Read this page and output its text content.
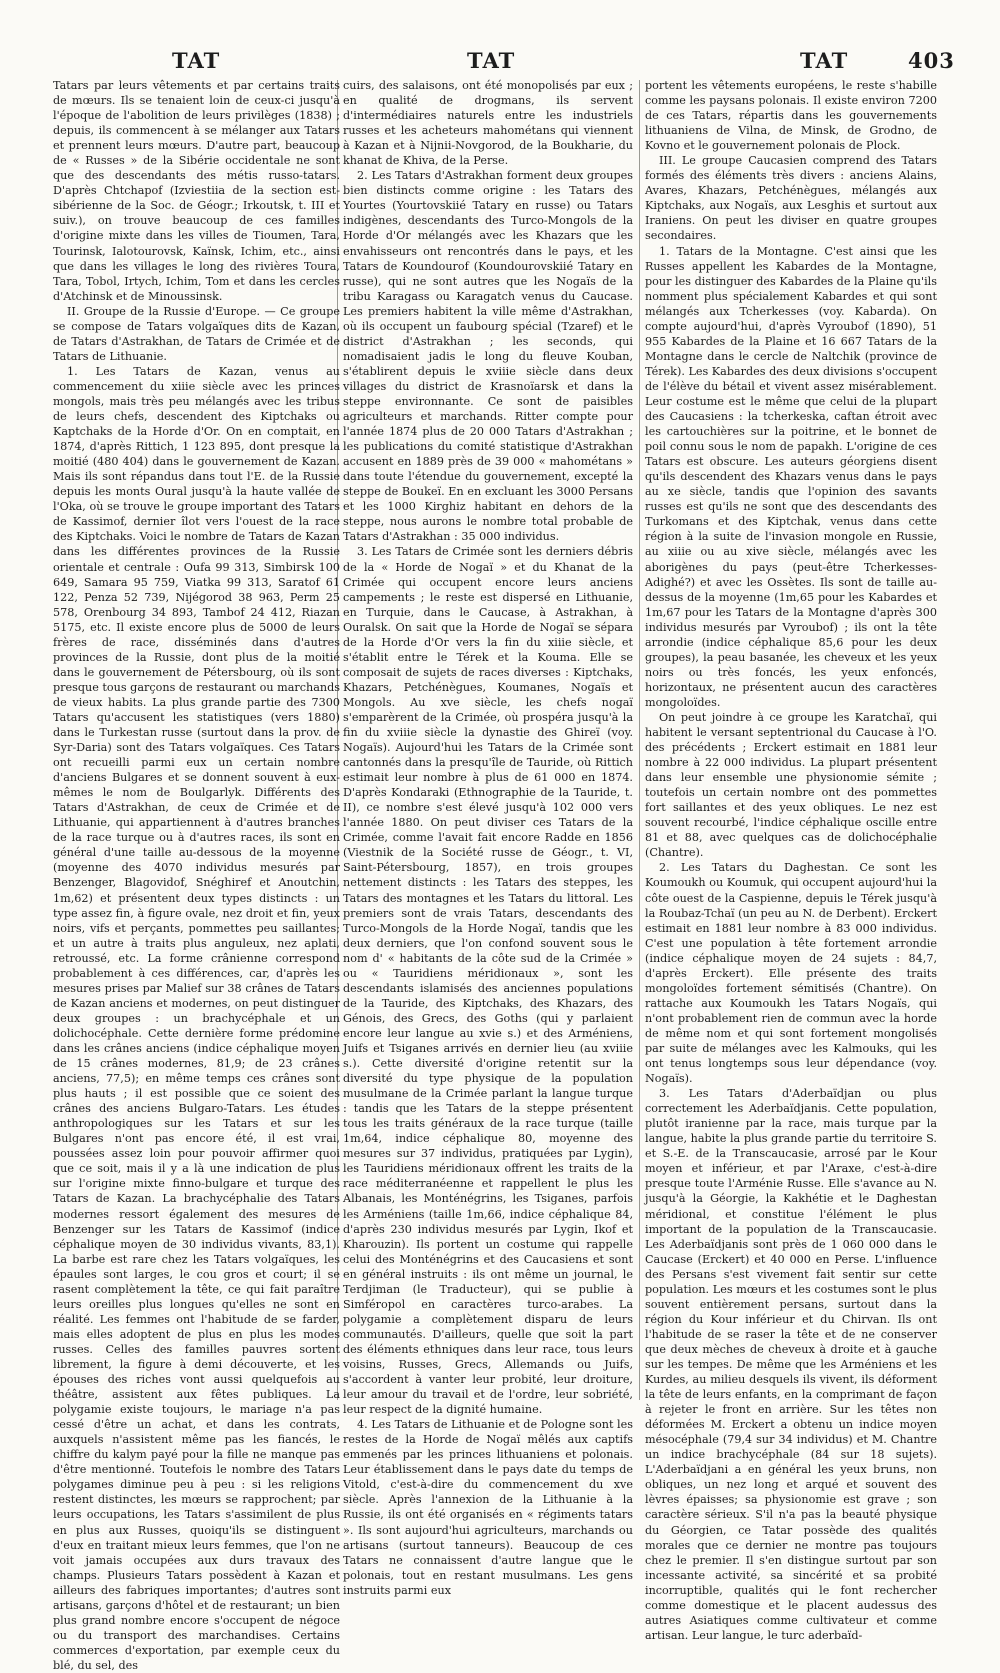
TAT	TAT	TAT	403

Tatars par leurs vêtements et par certains traits de mœurs. Ils se tenaient loin de ceux-ci jusqu'à l'époque de l'abolition de leurs privilèges (1838) ; depuis, ils commencent à se mélanger aux Tatars et prennent leurs mœurs. D'autre part, beaucoup de « Russes » de la Sibérie occidentale ne sont que des descendants des métis russo-tatars. D'après Chtchapof (Izviestiia de la section est-sibérienne de la Soc. de Géogr.; Irkoutsk, t. III et suiv.), on trouve beaucoup de ces familles d'origine mixte dans les villes de Tioumen, Tara, Tourinsk, Ialotourovsk, Kaïnsk, Ichim, etc., ainsi que dans les villages le long des rivières Toura, Tara, Tobol, Irtych, Ichim, Tom et dans les cercles d'Atchinsk et de Minoussinsk.

II. Groupe de la Russie d'Europe. — Ce groupe se compose de Tatars volgaïques dits de Kazan, de Tatars d'Astrakhan, de Tatars de Crimée et de Tatars de Lithuanie.

1. Les Tatars de Kazan, venus au commencement du xiiie siècle avec les princes mongols, mais très peu mélangés avec les tribus de leurs chefs, descendent des Kiptchaks ou Kaptchaks de la Horde d'Or. On en comptait, en 1874, d'après Rittich, 1 123 895, dont presque la moitié (480 404) dans le gouvernement de Kazan. Mais ils sont répandus dans tout l'E. de la Russie depuis les monts Oural jusqu'à la haute vallée de l'Oka, où se trouve le groupe important des Tatars de Kassimof, dernier îlot vers l'ouest de la race des Kiptchaks. Voici le nombre de Tatars de Kazan dans les différentes provinces de la Russie orientale et centrale : Oufa 99 313, Simbirsk 100 649, Samara 95 759, Viatka 99 313, Saratof 61 122, Penza 52 739, Nijégorod 38 963, Perm 25 578, Orenbourg 34 893, Tambof 24 412, Riazan 5175, etc. Il existe encore plus de 5000 de leurs frères de race, disséminés dans d'autres provinces de la Russie, dont plus de la moitié dans le gouvernement de Pétersbourg, où ils sont presque tous garçons de restaurant ou marchands de vieux habits. La plus grande partie des 7300 Tatars qu'accusent les statistiques (vers 1880) dans le Turkestan russe (surtout dans la prov. de Syr-Daria) sont des Tatars volgaïques. Ces Tatars ont recueilli parmi eux un certain nombre d'anciens Bulgares et se donnent souvent à eux-mêmes le nom de Boulgarlyk. Différents des Tatars d'Astrakhan, de ceux de Crimée et de Lithuanie, qui appartiennent à d'autres branches de la race turque ou à d'autres races, ils sont en général d'une taille au-dessous de la moyenne (moyenne des 4070 individus mesurés par Benzenger, Blagovidof, Snéghiref et Anoutchin, 1m,62) et présentent deux types distincts : un type assez fin, à figure ovale, nez droit et fin, yeux noirs, vifs et perçants, pommettes peu saillantes; et un autre à traits plus anguleux, nez aplati, retroussé, etc. La forme crânienne correspond probablement à ces différences, car, d'après les mesures prises par Malief sur 38 crânes de Tatars de Kazan anciens et modernes, on peut distinguer deux groupes : un brachycéphale et un dolichocéphale. Cette dernière forme prédomine dans les crânes anciens (indice céphalique moyen de 15 crânes modernes, 81,9; de 23 crânes anciens, 77,5); en même temps ces crânes sont plus hauts ; il est possible que ce soient des crânes des anciens Bulgaro-Tatars. Les études anthropologiques sur les Tatars et sur les Bulgares n'ont pas encore été, il est vrai, poussées assez loin pour pouvoir affirmer quoi que ce soit, mais il y a là une indication de plus sur l'origine mixte finno-bulgare et turque des Tatars de Kazan. La brachycéphalie des Tatars modernes ressort également des mesures de Benzenger sur les Tatars de Kassimof (indice céphalique moyen de 30 individus vivants, 83,1). La barbe est rare chez les Tatars volgaïques, les épaules sont larges, le cou gros et court; il se rasent complètement la tête, ce qui fait paraître leurs oreilles plus longues qu'elles ne sont en réalité. Les femmes ont l'habitude de se farder, mais elles adoptent de plus en plus les modes russes. Celles des familles pauvres sortent librement, la figure à demi découverte, et les épouses des riches vont aussi quelquefois au théâtre, assistent aux fêtes publiques. La polygamie existe toujours, le mariage n'a pas cessé d'être un achat, et dans les contrats, auxquels n'assistent même pas les fiancés, le chiffre du kalym payé pour la fille ne manque pas d'être mentionné. Toutefois le nombre des Tatars polygames diminue peu à peu : si les religions restent distinctes, les mœurs se rapprochent; par leurs occupations, les Tatars s'assimilent de plus en plus aux Russes, quoiqu'ils se distinguent d'eux en traitant mieux leurs femmes, que l'on ne voit jamais occupées aux durs travaux des champs. Plusieurs Tatars possèdent à Kazan et ailleurs des fabriques importantes; d'autres sont artisans, garçons d'hôtel et de restaurant; un bien plus grand nombre encore s'occupent de négoce ou du transport des marchandises. Certains commerces d'exportation, par exemple ceux du blé, du sel, des

cuirs, des salaisons, ont été monopolisés par eux ; en qualité de drogmans, ils servent d'intermédiaires naturels entre les industriels russes et les acheteurs mahométans qui viennent à Kazan et à Nijnii-Novgorod, de la Boukharie, du khanat de Khiva, de la Perse.

2. Les Tatars d'Astrakhan forment deux groupes bien distincts comme origine : les Tatars des Yourtes (Yourtovskiié Tatary en russe) ou Tatars indigènes, descendants des Turco-Mongols de la Horde d'Or mélangés avec les Khazars que les envahisseurs ont rencontrés dans le pays, et les Tatars de Koundourof (Koundourovskiié Tatary en russe), qui ne sont autres que les Nogaïs de la tribu Karagass ou Karagatch venus du Caucase. Les premiers habitent la ville même d'Astrakhan, où ils occupent un faubourg spécial (Tzaref) et le district d'Astrakhan ; les seconds, qui nomadisaient jadis le long du fleuve Kouban, s'établirent depuis le xviiie siècle dans deux villages du district de Krasnoïarsk et dans la steppe environnante. Ce sont de paisibles agriculteurs et marchands. Ritter compte pour l'année 1874 plus de 20 000 Tatars d'Astrakhan ; les publications du comité statistique d'Astrakhan accusent en 1889 près de 39 000 « mahométans » dans toute l'étendue du gouvernement, excepté la steppe de Boukeï. En en excluant les 3000 Persans et les 1000 Kirghiz habitant en dehors de la steppe, nous aurons le nombre total probable de Tatars d'Astrakhan : 35 000 individus.

3. Les Tatars de Crimée sont les derniers débris de la « Horde de Nogaï » et du Khanat de la Crimée qui occupent encore leurs anciens campements ; le reste est dispersé en Lithuanie, en Turquie, dans le Caucase, à Astrakhan, à Ouralsk. On sait que la Horde de Nogaï se sépara de la Horde d'Or vers la fin du xiiie siècle, et s'établit entre le Térek et la Kouma. Elle se composait de sujets de races diverses : Kiptchaks, Khazars, Petchénègues, Koumanes, Nogaïs et Mongols. Au xve siècle, les chefs nogaï s'emparèrent de la Crimée, où prospéra jusqu'à la fin du xviiie siècle la dynastie des Ghireï (voy. Nogaïs). Aujourd'hui les Tatars de la Crimée sont cantonnés dans la presqu'île de Tauride, où Rittich estimait leur nombre à plus de 61 000 en 1874. D'après Kondaraki (Ethnographie de la Tauride, t. II), ce nombre s'est élevé jusqu'à 102 000 vers l'année 1880. On peut diviser ces Tatars de la Crimée, comme l'avait fait encore Radde en 1856 (Viestnik de la Société russe de Géogr., t. VI, Saint-Pétersbourg, 1857), en trois groupes nettement distincts : les Tatars des steppes, les Tatars des montagnes et les Tatars du littoral. Les premiers sont de vrais Tatars, descendants des Turco-Mongols de la Horde Nogaï, tandis que les deux derniers, que l'on confond souvent sous le nom d' « habitants de la côte sud de la Crimée » ou « Tauridiens méridionaux », sont les descendants islamisés des anciennes populations de la Tauride, des Kiptchaks, des Khazars, des Génois, des Grecs, des Goths (qui y parlaient encore leur langue au xvie s.) et des Arméniens, Juifs et Tsiganes arrivés en dernier lieu (au xviiie s.). Cette diversité d'origine retentit sur la diversité du type physique de la population musulmane de la Crimée parlant la langue turque : tandis que les Tatars de la steppe présentent tous les traits généraux de la race turque (taille 1m,64, indice céphalique 80, moyenne des mesures sur 37 individus, pratiquées par Lygin), les Tauridiens méridionaux offrent les traits de la race méditerranéenne et rappellent le plus les Albanais, les Monténégrins, les Tsiganes, parfois les Arméniens (taille 1m,66, indice céphalique 84, d'après 230 individus mesurés par Lygin, Ikof et Kharouzin). Ils portent un costume qui rappelle celui des Monténégrins et des Caucasiens et sont en général instruits : ils ont même un journal, le Terdjiman (le Traducteur), qui se publie à Simféropol en caractères turco-arabes. La polygamie a complètement disparu de leurs communautés. D'ailleurs, quelle que soit la part des éléments ethniques dans leur race, tous leurs voisins, Russes, Grecs, Allemands ou Juifs, s'accordent à vanter leur probité, leur droiture, leur amour du travail et de l'ordre, leur sobriété, leur respect de la dignité humaine.

4. Les Tatars de Lithuanie et de Pologne sont les restes de la Horde de Nogaï mêlés aux captifs emmenés par les princes lithuaniens et polonais. Leur établissement dans le pays date du temps de Vitold, c'est-à-dire du commencement du xve siècle. Après l'annexion de la Lithuanie à la Russie, ils ont été organisés en « régiments tatars ». Ils sont aujourd'hui agriculteurs, marchands ou artisans (surtout tanneurs). Beaucoup de ces Tatars ne connaissent d'autre langue que le polonais, tout en restant musulmans. Les gens instruits parmi eux

portent les vêtements européens, le reste s'habille comme les paysans polonais. Il existe environ 7200 de ces Tatars, répartis dans les gouvernements lithuaniens de Vilna, de Minsk, de Grodno, de Kovno et le gouvernement polonais de Plock.

III. Le groupe Caucasien comprend des Tatars formés des éléments très divers : anciens Alains, Avares, Khazars, Petchénègues, mélangés aux Kiptchaks, aux Nogaïs, aux Lesghis et surtout aux Iraniens. On peut les diviser en quatre groupes secondaires.

1. Tatars de la Montagne. C'est ainsi que les Russes appellent les Kabardes de la Montagne, pour les distinguer des Kabardes de la Plaine qu'ils nomment plus spécialement Kabardes et qui sont mélangés aux Tcherkesses (voy. Kabarda). On compte aujourd'hui, d'après Vyroubof (1890), 51 955 Kabardes de la Plaine et 16 667 Tatars de la Montagne dans le cercle de Naltchik (province de Térek). Les Kabardes des deux divisions s'occupent de l'élève du bétail et vivent assez misérablement. Leur costume est le même que celui de la plupart des Caucasiens : la tcherkeska, caftan étroit avec les cartouchières sur la poitrine, et le bonnet de poil connu sous le nom de papakh. L'origine de ces Tatars est obscure. Les auteurs géorgiens disent qu'ils descendent des Khazars venus dans le pays au xe siècle, tandis que l'opinion des savants russes est qu'ils ne sont que des descendants des Turkomans et des Kiptchak, venus dans cette région à la suite de l'invasion mongole en Russie, au xiiie ou au xive siècle, mélangés avec les aborigènes du pays (peut-être Tcherkesses-Adighé?) et avec les Ossètes. Ils sont de taille au-dessus de la moyenne (1m,65 pour les Kabardes et 1m,67 pour les Tatars de la Montagne d'après 300 individus mesurés par Vyroubof) ; ils ont la tête arrondie (indice céphalique 85,6 pour les deux groupes), la peau basanée, les cheveux et les yeux noirs ou très foncés, les yeux enfoncés, horizontaux, ne présentent aucun des caractères mongoloïdes.

On peut joindre à ce groupe les Karatchaï, qui habitent le versant septentrional du Caucase à l'O. des précédents ; Erckert estimait en 1881 leur nombre à 22 000 individus. La plupart présentent dans leur ensemble une physionomie sémite ; toutefois un certain nombre ont des pommettes fort saillantes et des yeux obliques. Le nez est souvent recourbé, l'indice céphalique oscille entre 81 et 88, avec quelques cas de dolichocéphalie (Chantre).

2. Les Tatars du Daghestan. Ce sont les Koumoukh ou Koumuk, qui occupent aujourd'hui la côte ouest de la Caspienne, depuis le Térek jusqu'à la Roubaz-Tchaï (un peu au N. de Derbent). Erckert estimait en 1881 leur nombre à 83 000 individus. C'est une population à tête fortement arrondie (indice céphalique moyen de 24 sujets : 84,7, d'après Erckert). Elle présente des traits mongoloïdes fortement sémitisés (Chantre). On rattache aux Koumoukh les Tatars Nogaïs, qui n'ont probablement rien de commun avec la horde de même nom et qui sont fortement mongolisés par suite de mélanges avec les Kalmouks, qui les ont tenus longtemps sous leur dépendance (voy. Nogaïs).

3. Les Tatars d'Aderbaïdjan ou plus correctement les Aderbaïdjanis. Cette population, plutôt iranienne par la race, mais turque par la langue, habite la plus grande partie du territoire S. et S.-E. de la Transcaucasie, arrosé par le Kour moyen et inférieur, et par l'Araxe, c'est-à-dire presque toute l'Arménie Russe. Elle s'avance au N. jusqu'à la Géorgie, la Kakhétie et le Daghestan méridional, et constitue l'élément le plus important de la population de la Transcaucasie. Les Aderbaïdjanis sont près de 1 060 000 dans le Caucase (Erckert) et 40 000 en Perse. L'influence des Persans s'est vivement fait sentir sur cette population. Les mœurs et les costumes sont le plus souvent entièrement persans, surtout dans la région du Kour inférieur et du Chirvan. Ils ont l'habitude de se raser la tête et de ne conserver que deux mèches de cheveux à droite et à gauche sur les tempes. De même que les Arméniens et les Kurdes, au milieu desquels ils vivent, ils déforment la tête de leurs enfants, en la comprimant de façon à rejeter le front en arrière. Sur les têtes non déformées M. Erckert a obtenu un indice moyen mésocéphale (79,4 sur 34 individus) et M. Chantre un indice brachycéphale (84 sur 18 sujets). L'Aderbaïdjani a en général les yeux bruns, non obliques, un nez long et arqué et souvent des lèvres épaisses; sa physionomie est grave ; son caractère sérieux. S'il n'a pas la beauté physique du Géorgien, ce Tatar possède des qualités morales que ce dernier ne montre pas toujours chez le premier. Il s'en distingue surtout par son incessante activité, sa sincérité et sa probité incorruptible, qualités qui le font rechercher comme domestique et le placent audessus des autres Asiatiques comme cultivateur et comme artisan. Leur langue, le turc aderbaïd-
